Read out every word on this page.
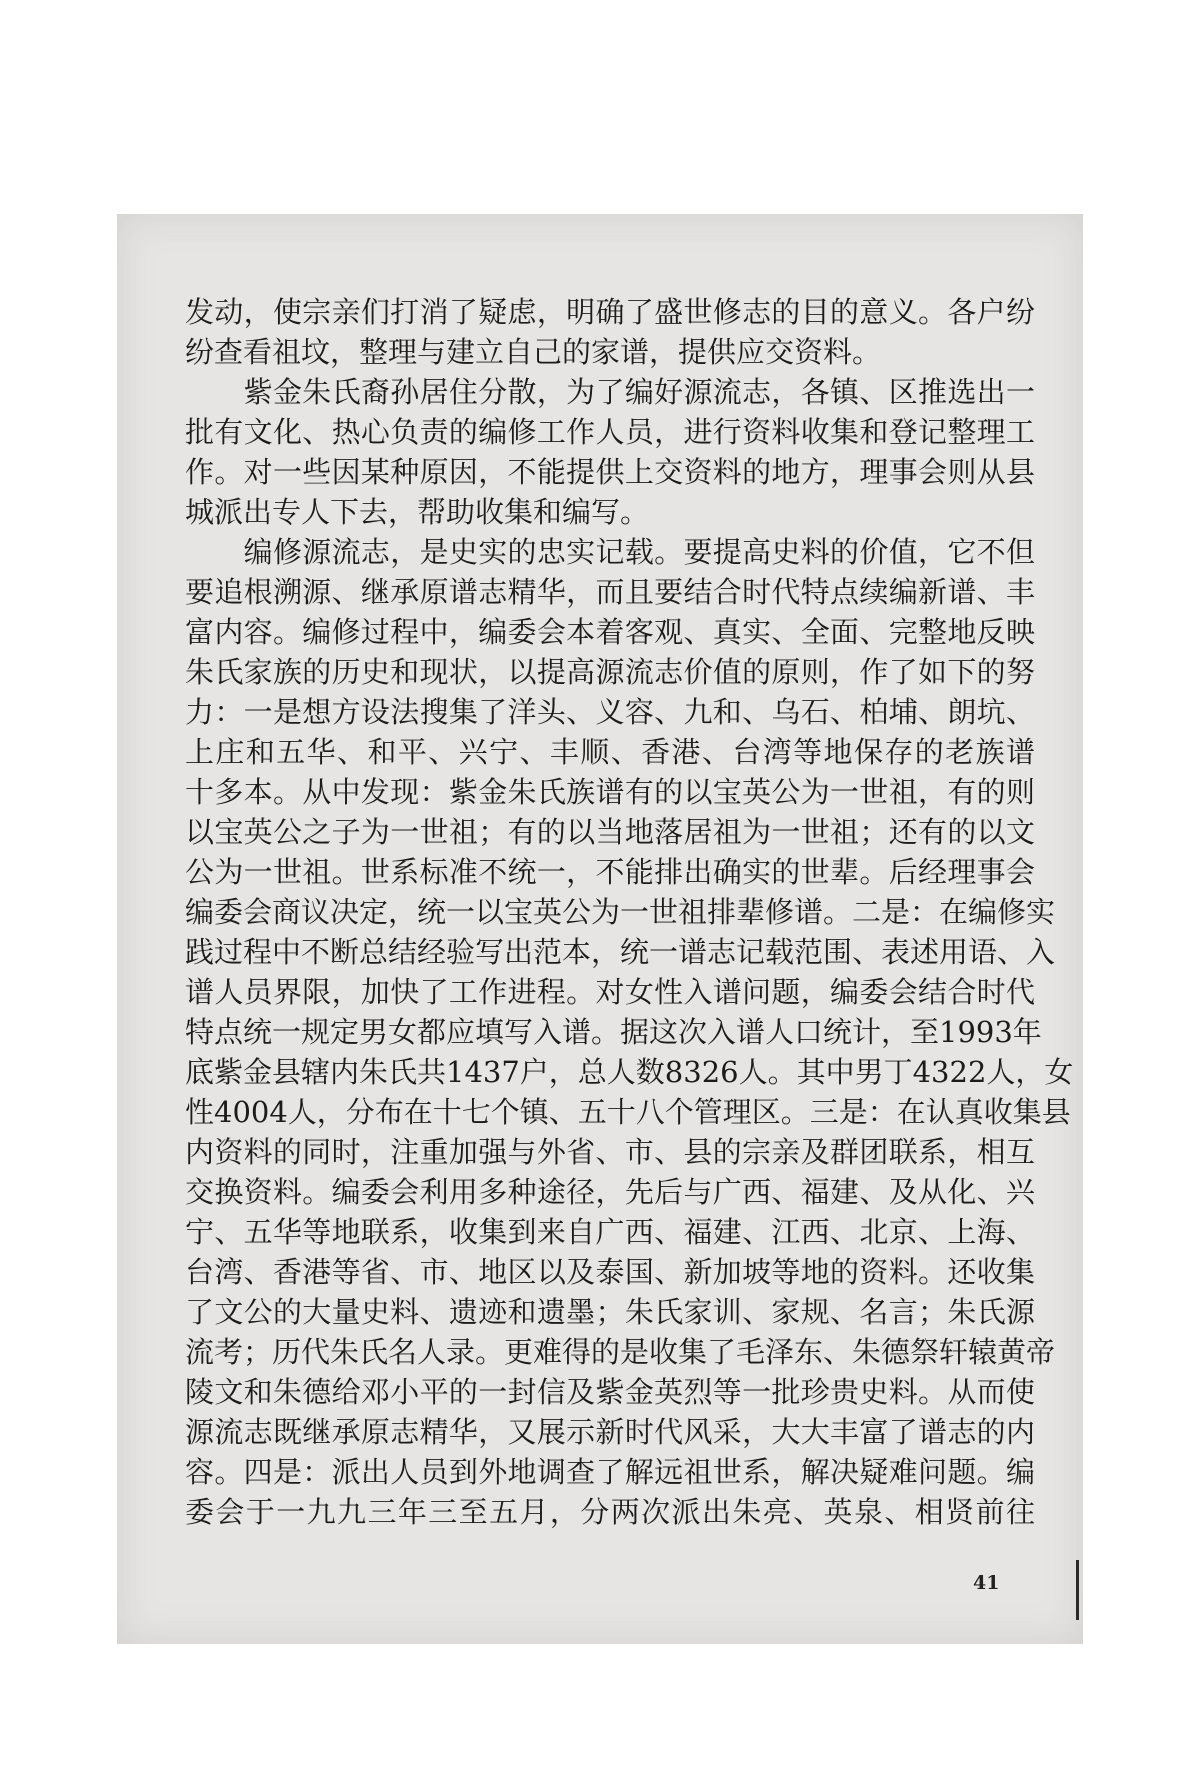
发动，使宗亲们打消了疑虑，明确了盛世修志的目的意义。各户纷
纷查看祖坟，整理与建立自己的家谱，提供应交资料。
　　紫金朱氏裔孙居住分散，为了编好源流志，各镇、区推选出一
批有文化、热心负责的编修工作人员，进行资料收集和登记整理工
作。对一些因某种原因，不能提供上交资料的地方，理事会则从县
城派出专人下去，帮助收集和编写。
　　编修源流志，是史实的忠实记载。要提高史料的价值，它不但
要追根溯源、继承原谱志精华，而且要结合时代特点续编新谱、丰
富内容。编修过程中，编委会本着客观、真实、全面、完整地反映
朱氏家族的历史和现状，以提高源流志价值的原则，作了如下的努
力：一是想方设法搜集了洋头、义容、九和、乌石、柏埔、朗坑、
上庄和五华、和平、兴宁、丰顺、香港、台湾等地保存的老族谱
十多本。从中发现：紫金朱氏族谱有的以宝英公为一世祖，有的则
以宝英公之子为一世祖；有的以当地落居祖为一世祖；还有的以文
公为一世祖。世系标准不统一，不能排出确实的世辈。后经理事会
编委会商议决定，统一以宝英公为一世祖排辈修谱。二是：在编修实
践过程中不断总结经验写出范本，统一谱志记载范围、表述用语、入
谱人员界限，加快了工作进程。对女性入谱问题，编委会结合时代
特点统一规定男女都应填写入谱。据这次入谱人口统计，至1993年
底紫金县辖内朱氏共1437户，总人数8326人。其中男丁4322人，女
性4004人，分布在十七个镇、五十八个管理区。三是：在认真收集县
内资料的同时，注重加强与外省、市、县的宗亲及群团联系，相互
交换资料。编委会利用多种途径，先后与广西、福建、及从化、兴
宁、五华等地联系，收集到来自广西、福建、江西、北京、上海、
台湾、香港等省、市、地区以及泰国、新加坡等地的资料。还收集
了文公的大量史料、遗迹和遗墨；朱氏家训、家规、名言；朱氏源
流考；历代朱氏名人录。更难得的是收集了毛泽东、朱德祭轩辕黄帝
陵文和朱德给邓小平的一封信及紫金英烈等一批珍贵史料。从而使
源流志既继承原志精华，又展示新时代风采，大大丰富了谱志的内
容。四是：派出人员到外地调查了解远祖世系，解决疑难问题。编
委会于一九九三年三至五月，分两次派出朱亮、英泉、相贤前往
41
